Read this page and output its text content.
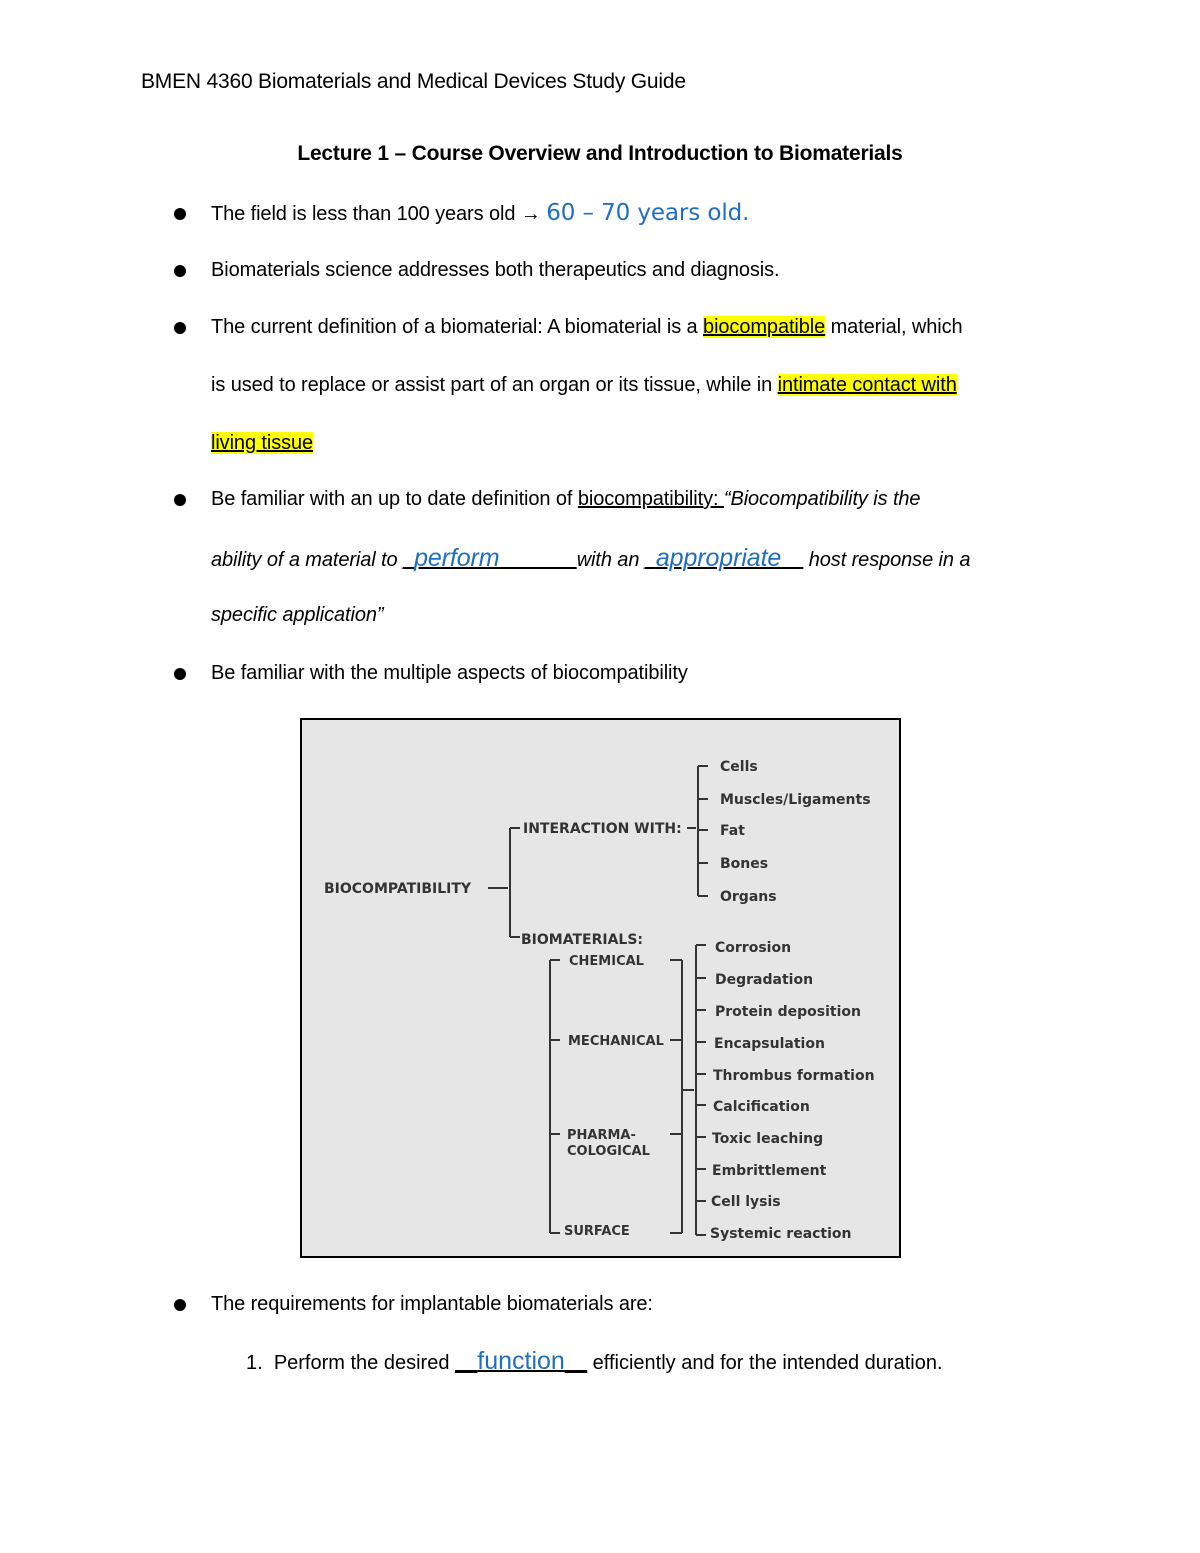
BMEN 4360 Biomaterials and Medical Devices Study Guide
Lecture 1 – Course Overview and Introduction to Biomaterials
The field is less than 100 years old → 60 – 70 years old.
Biomaterials science addresses both therapeutics and diagnosis.
The current definition of a biomaterial: A biomaterial is a biocompatible material, which
is used to replace or assist part of an organ or its tissue, while in intimate contact with
living tissue
Be familiar with an up to date definition of biocompatibility: “Biocompatibility is the
ability of a material to _perform_______with an _appropriate__ host response in a
specific application”
Be familiar with the multiple aspects of biocompatibility
BIOCOMPATIBILITY
INTERACTION WITH:
BIOMATERIALS:
Cells
Muscles/Ligaments
Fat
Bones
Organs
CHEMICAL
MECHANICAL
PHARMA-
COLOGICAL
SURFACE
Corrosion
Degradation
Protein deposition
Encapsulation
Thrombus formation
Calcification
Toxic leaching
Embrittlement
Cell lysis
Systemic reaction
The requirements for implantable biomaterials are:
1. Perform the desired __function__ efficiently and for the intended duration.
